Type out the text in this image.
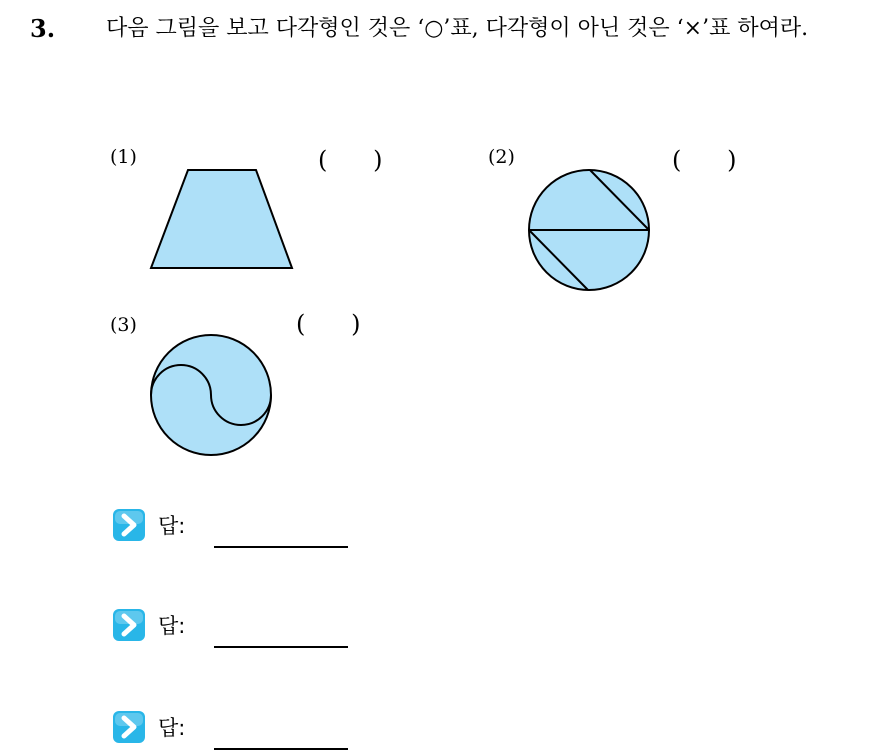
3. 다음 그림을 보고 다각형인 것은 ‘○’표, 다각형이 아닌 것은 ‘×’표 하여라.
(1)	(      )	(2)	(      )
(3)	(      )
답:
답:
답:
